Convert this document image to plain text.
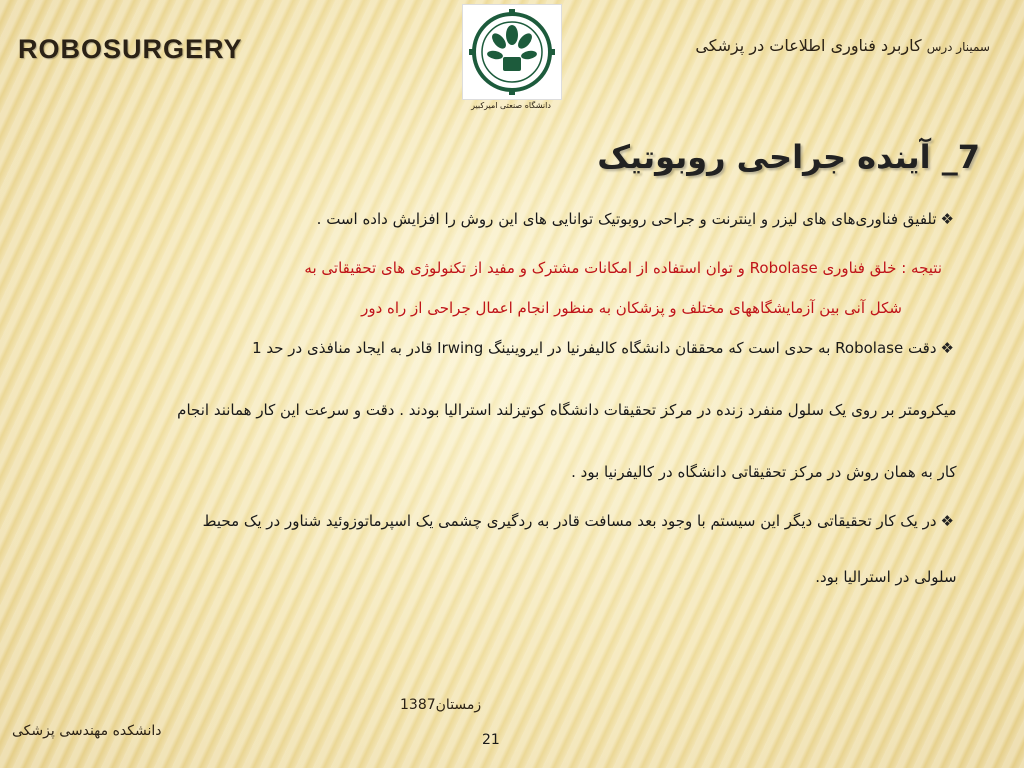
ROBOSURGERY	سمینار درس کاربرد فناوری اطلاعات در پزشکی
دانشگاه صنعتی امیرکبیر
7_ آینده جراحی روبوتیک
❖
تلفیق فناوری‌های های لیزر و اینترنت و جراحی روبوتیک توانایی های این روش را افزایش داده است .
نتیجه : خلق فناوری Robolase و توان استفاده از امکانات مشترک و مفید از تکنولوژی های تحقیقاتی به
شکل آنی بین آزمایشگاههای مختلف و پزشکان به منظور انجام اعمال جراحی از راه دور
❖
دقت Robolase به حدی است که محققان دانشگاه کالیفرنیا در ایروینینگ Irwing قادر به ایجاد منافذی در حد 1
میکرومتر بر روی یک سلول منفرد زنده در مرکز تحقیقات دانشگاه کوتیزلند استرالیا بودند . دقت و سرعت این کار همانند انجام
کار به همان روش در مرکز تحقیقاتی دانشگاه در کالیفرنیا بود .
❖
در یک کار تحقیقاتی دیگر این سیستم با وجود بعد مسافت قادر به ردگیری چشمی یک اسپرماتوزوئید شناور در یک محیط
سلولی در استرالیا بود.
زمستان1387
دانشکده مهندسی پزشکی
21
